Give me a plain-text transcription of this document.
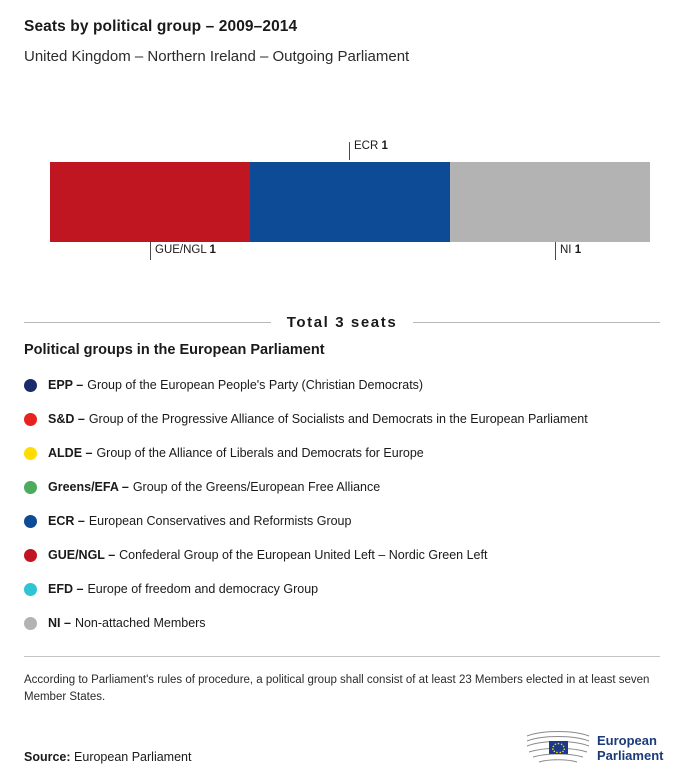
Seats by political group – 2009–2014
United Kingdom – Northern Ireland – Outgoing Parliament
ECR 1
GUE/NGL 1	NI 1
Total 3 seats
Political groups in the European Parliament
EPP – Group of the European People's Party (Christian Democrats)
S&D – Group of the Progressive Alliance of Socialists and Democrats in the European Parliament
ALDE – Group of the Alliance of Liberals and Democrats for Europe
Greens/EFA – Group of the Greens/European Free Alliance
ECR – European Conservatives and Reformists Group
GUE/NGL – Confederal Group of the European United Left – Nordic Green Left
EFD – Europe of freedom and democracy Group
NI – Non-attached Members
According to Parliament's rules of procedure, a political group shall consist of at least 23 Members elected in at least seven Member States.
Source: European Parliament
European
Parliament
